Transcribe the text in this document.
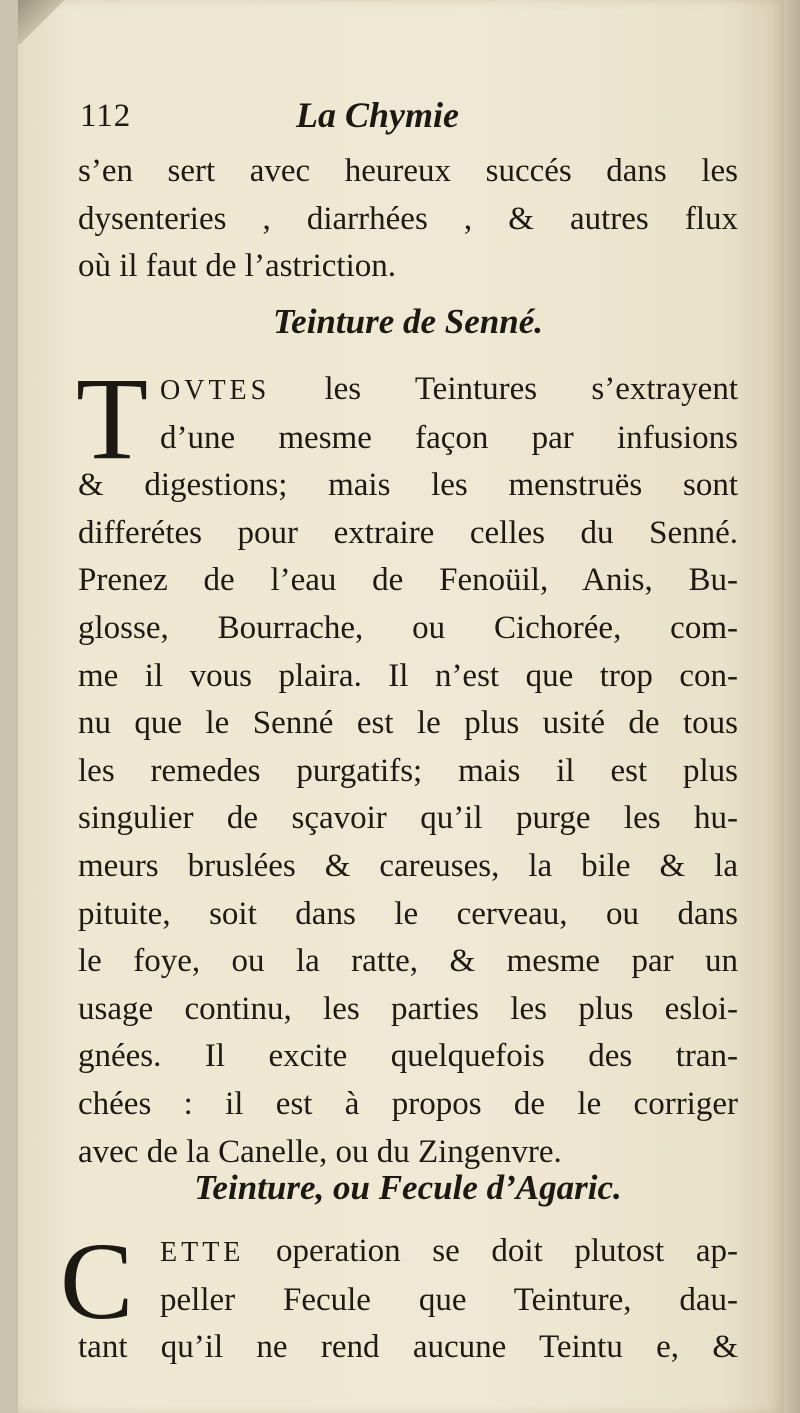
112	La Chymie
s’en sert avec heureux succés dans les
dysenteries , diarrhées , & autres flux
où il faut de l’astriction.
Teinture de Senné.
T OVTES les Teintures s’extrayent
d’une mesme façon par infusions
& digestions; mais les menstruës sont
differétes pour extraire celles du Senné.
Prenez de l’eau de Fenoüil, Anis, Bu-
glosse, Bourrache, ou Cichorée, com-
me il vous plaira. Il n’est que trop con-
nu que le Senné est le plus usité de tous
les remedes purgatifs; mais il est plus
singulier de sçavoir qu’il purge les hu-
meurs bruslées & careuses, la bile & la
pituite, soit dans le cerveau, ou dans
le foye, ou la ratte, & mesme par un
usage continu, les parties les plus esloi-
gnées. Il excite quelquefois des tran-
chées : il est à propos de le corriger
avec de la Canelle, ou du Zingenvre.
Teinture, ou Fecule d’Agaric.
C ETTE operation se doit plutost ap-
peller Fecule que Teinture, dau-
tant qu’il ne rend aucune Teintu e, &
